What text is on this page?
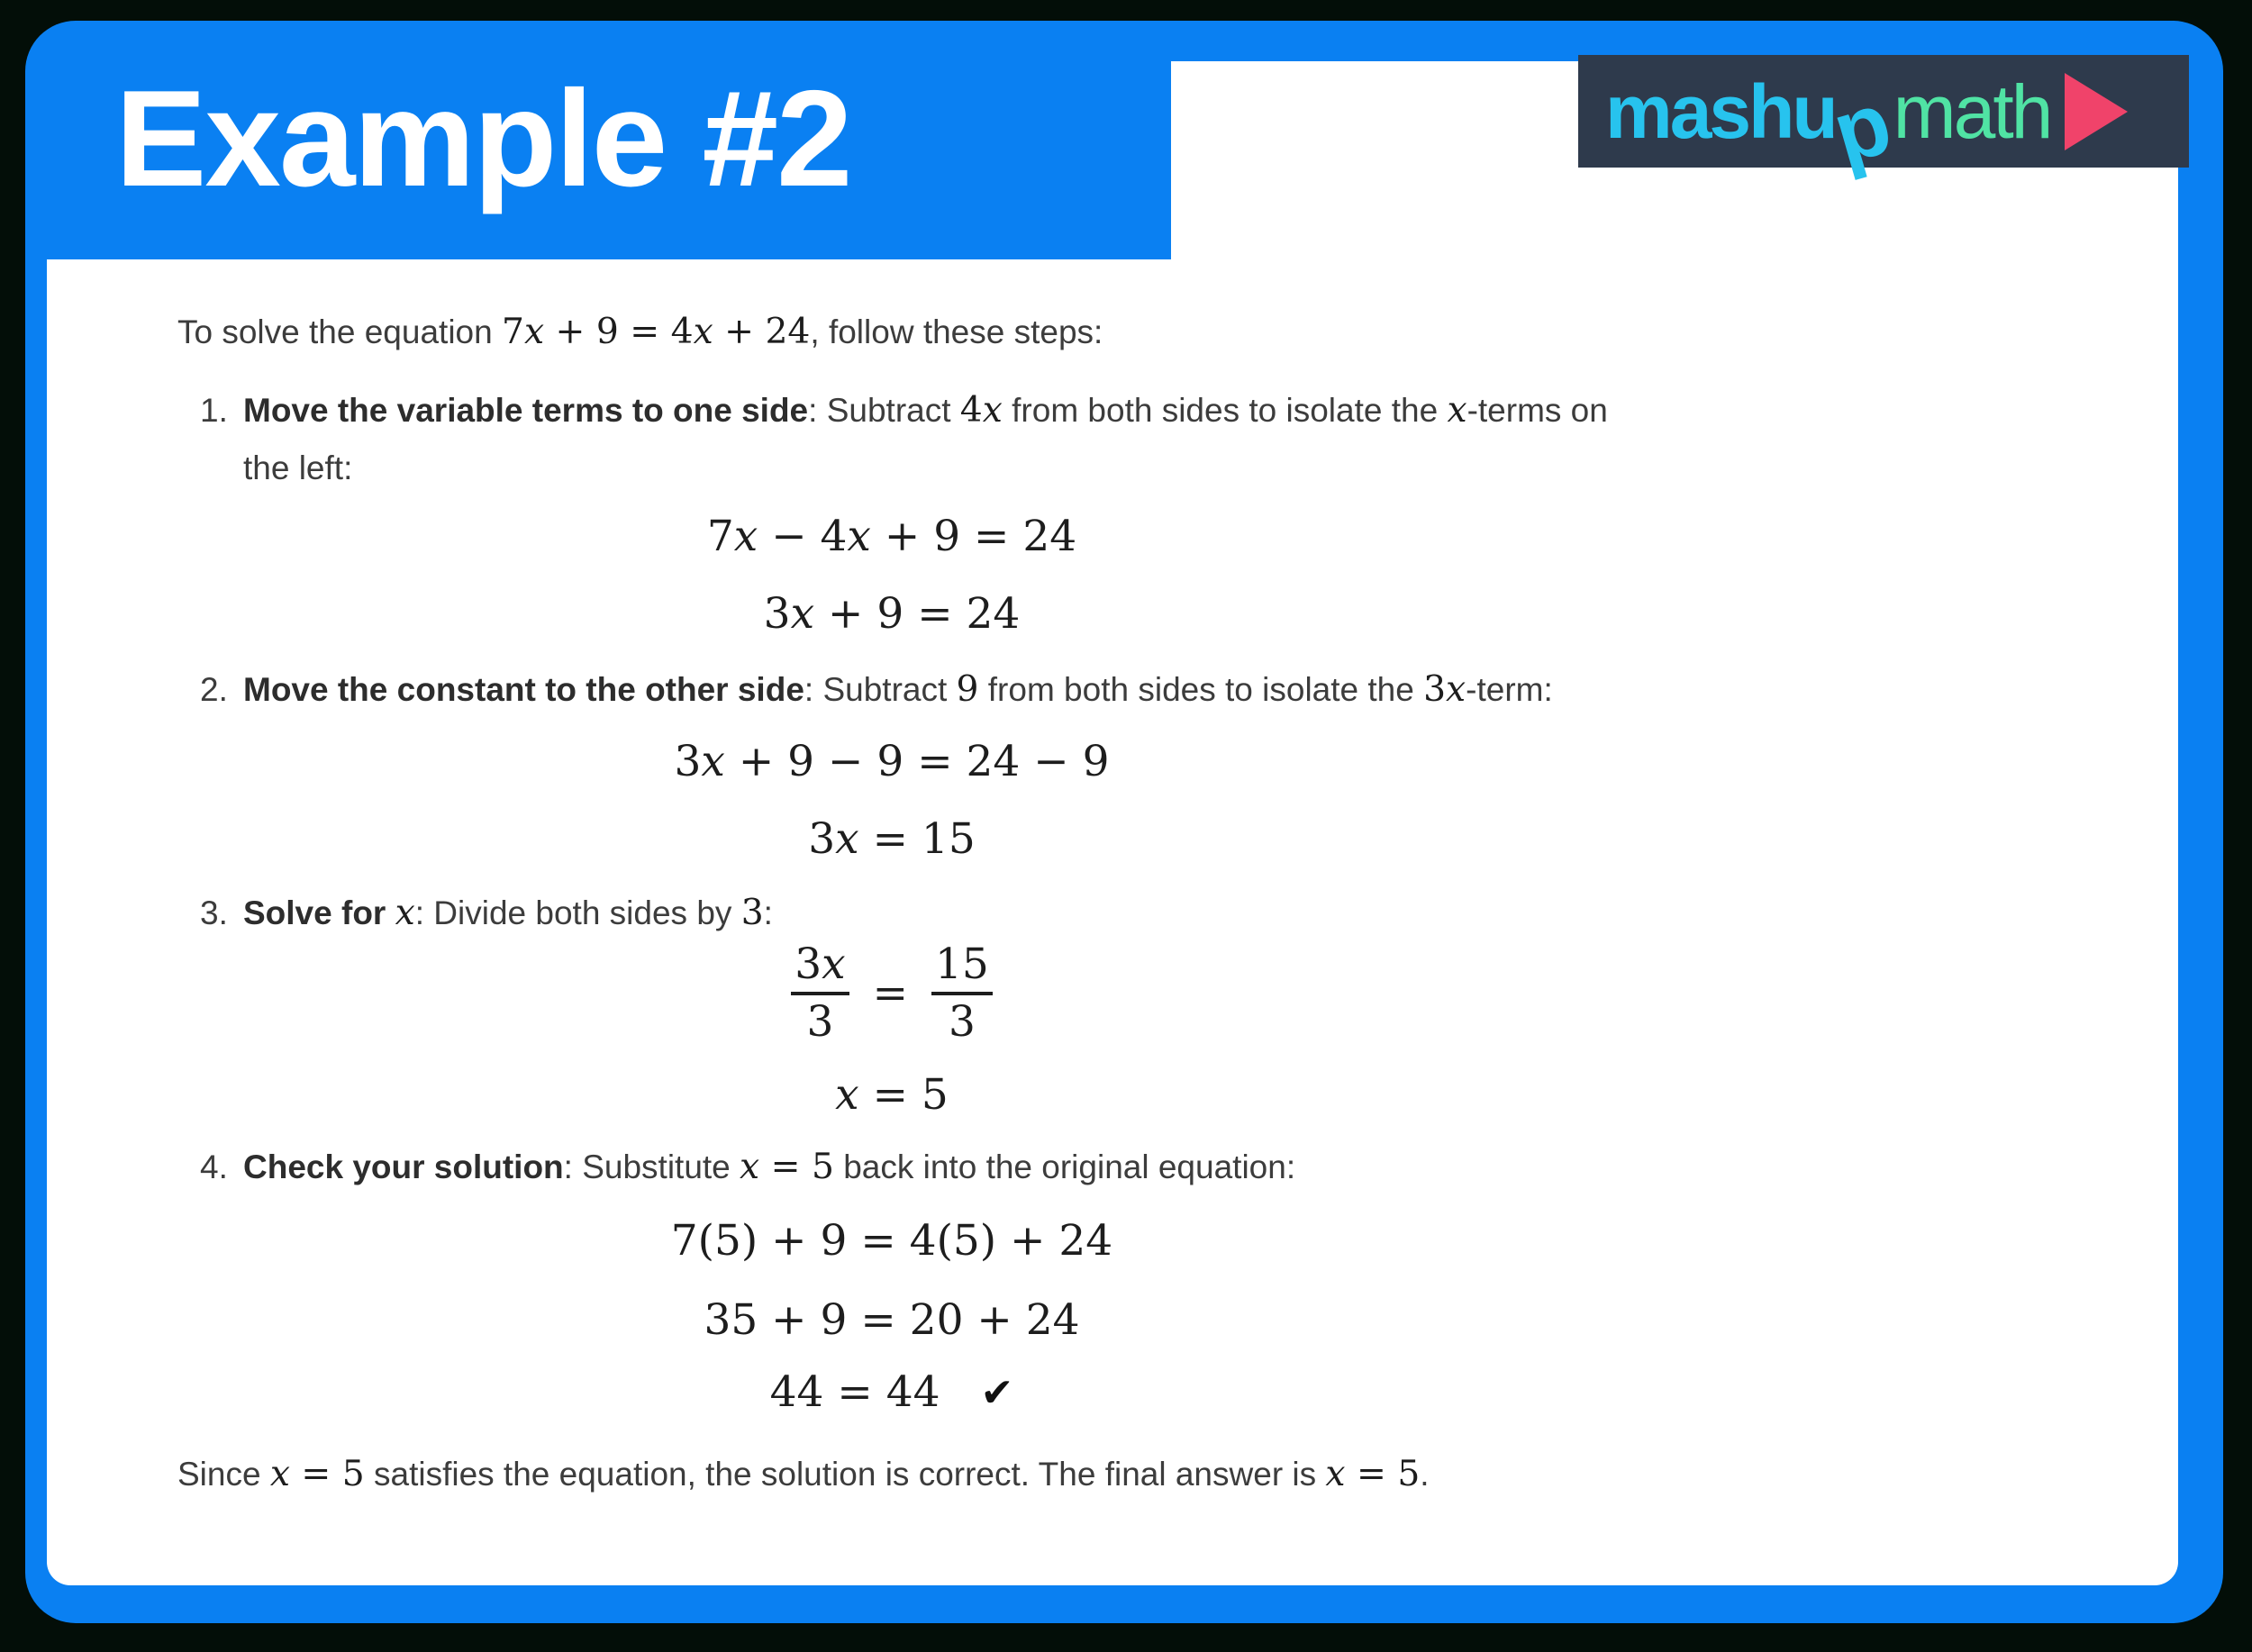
To solve the equation 7x + 9 = 4x + 24, follow these steps:

1. Move the variable terms to one side: Subtract 4x from both sides to isolate the x-terms on
the left:
7x − 4x + 9 = 24
3x + 9 = 24
2. Move the constant to the other side: Subtract 9 from both sides to isolate the 3x-term:
3x + 9 − 9 = 24 − 9
3x = 15
3. Solve for x: Divide both sides by 3:
$\frac{3x}{3} = \frac{15}{3}$
x = 5
4. Check your solution: Substitute x = 5 back into the original equation:
7(5) + 9 = 4(5) + 24
35 + 9 = 20 + 24
44 = 44 ✔

Since x = 5 satisfies the equation, the solution is correct. The final answer is x = 5.

Example #2	mashu
p
math
